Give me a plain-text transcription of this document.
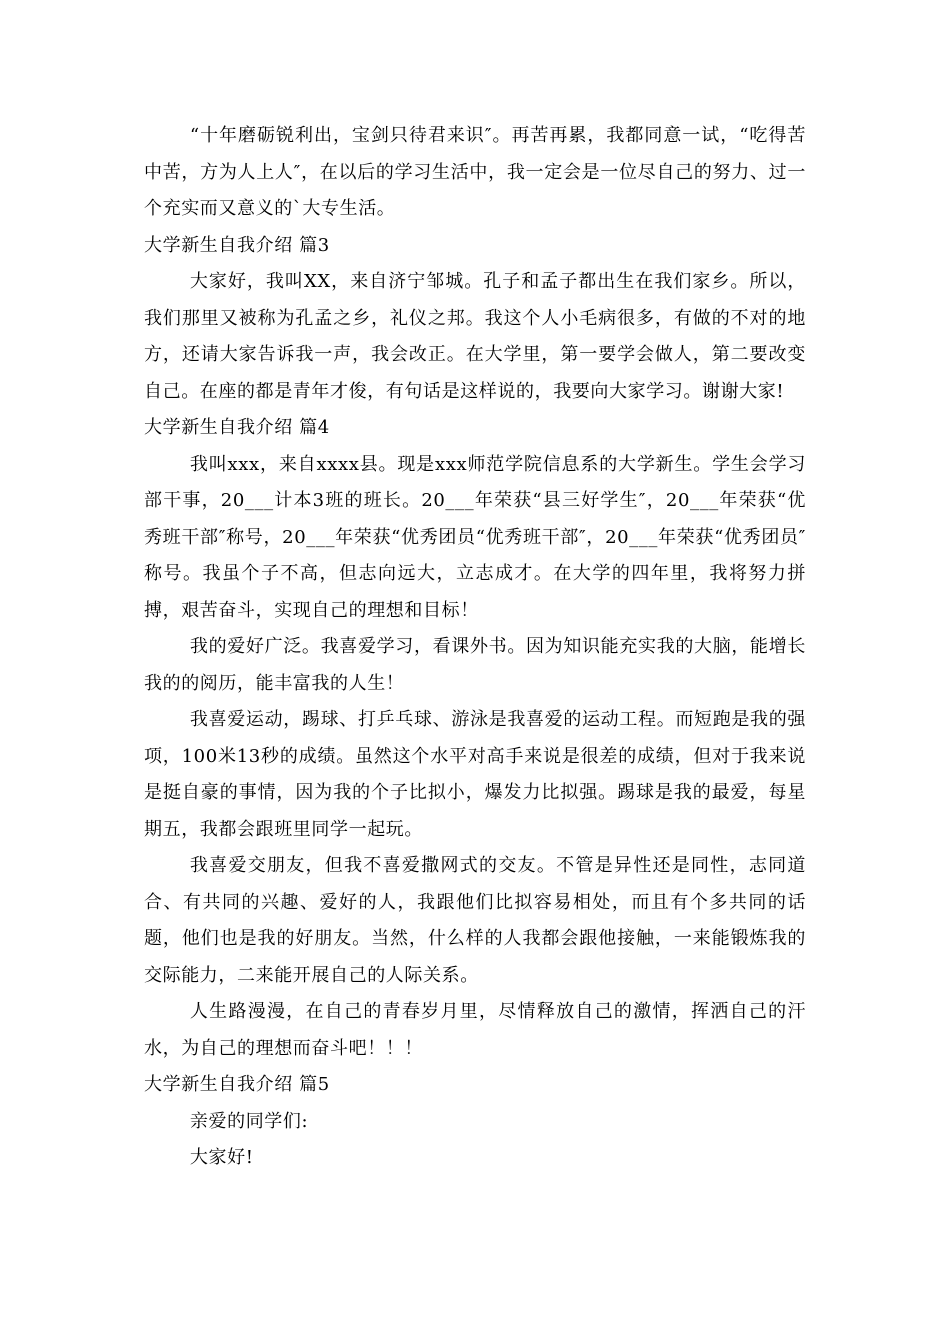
“十年磨砺锐利出，宝剑只待君来识″。再苦再累，我都同意一试，“吃得苦中苦，方为人上人″，在以后的学习生活中，我一定会是一位尽自己的努力、过一个充实而又意义的`大专生活。

大学新生自我介绍 篇3

大家好，我叫XX，来自济宁邹城。孔子和孟子都出生在我们家乡。所以，我们那里又被称为孔孟之乡，礼仪之邦。我这个人小毛病很多，有做的不对的地方，还请大家告诉我一声，我会改正。在大学里，第一要学会做人，第二要改变自己。在座的都是青年才俊，有句话是这样说的，我要向大家学习。谢谢大家!

大学新生自我介绍 篇4

我叫xxx，来自xxxx县。现是xxx师范学院信息系的大学新生。学生会学习部干事，20___计本3班的班长。20___年荣获“县三好学生″，20___年荣获“优秀班干部″称号，20___年荣获“优秀团员“优秀班干部″，20___年荣获“优秀团员″称号。我虽个子不高，但志向远大，立志成才。在大学的四年里，我将努力拼搏，艰苦奋斗，实现自己的理想和目标！

我的爱好广泛。我喜爱学习，看课外书。因为知识能充实我的大脑，能增长我的的阅历，能丰富我的人生！

我喜爱运动，踢球、打乒乓球、游泳是我喜爱的运动工程。而短跑是我的强项，100米13秒的成绩。虽然这个水平对高手来说是很差的成绩，但对于我来说是挺自豪的事情，因为我的个子比拟小，爆发力比拟强。踢球是我的最爱，每星期五，我都会跟班里同学一起玩。

我喜爱交朋友，但我不喜爱撒网式的交友。不管是异性还是同性，志同道合、有共同的兴趣、爱好的人，我跟他们比拟容易相处，而且有个多共同的话题，他们也是我的好朋友。当然，什么样的人我都会跟他接触，一来能锻炼我的交际能力，二来能开展自己的人际关系。

人生路漫漫，在自己的青春岁月里，尽情释放自己的激情，挥洒自己的汗水，为自己的理想而奋斗吧！！！

大学新生自我介绍 篇5

亲爱的同学们:

大家好!
